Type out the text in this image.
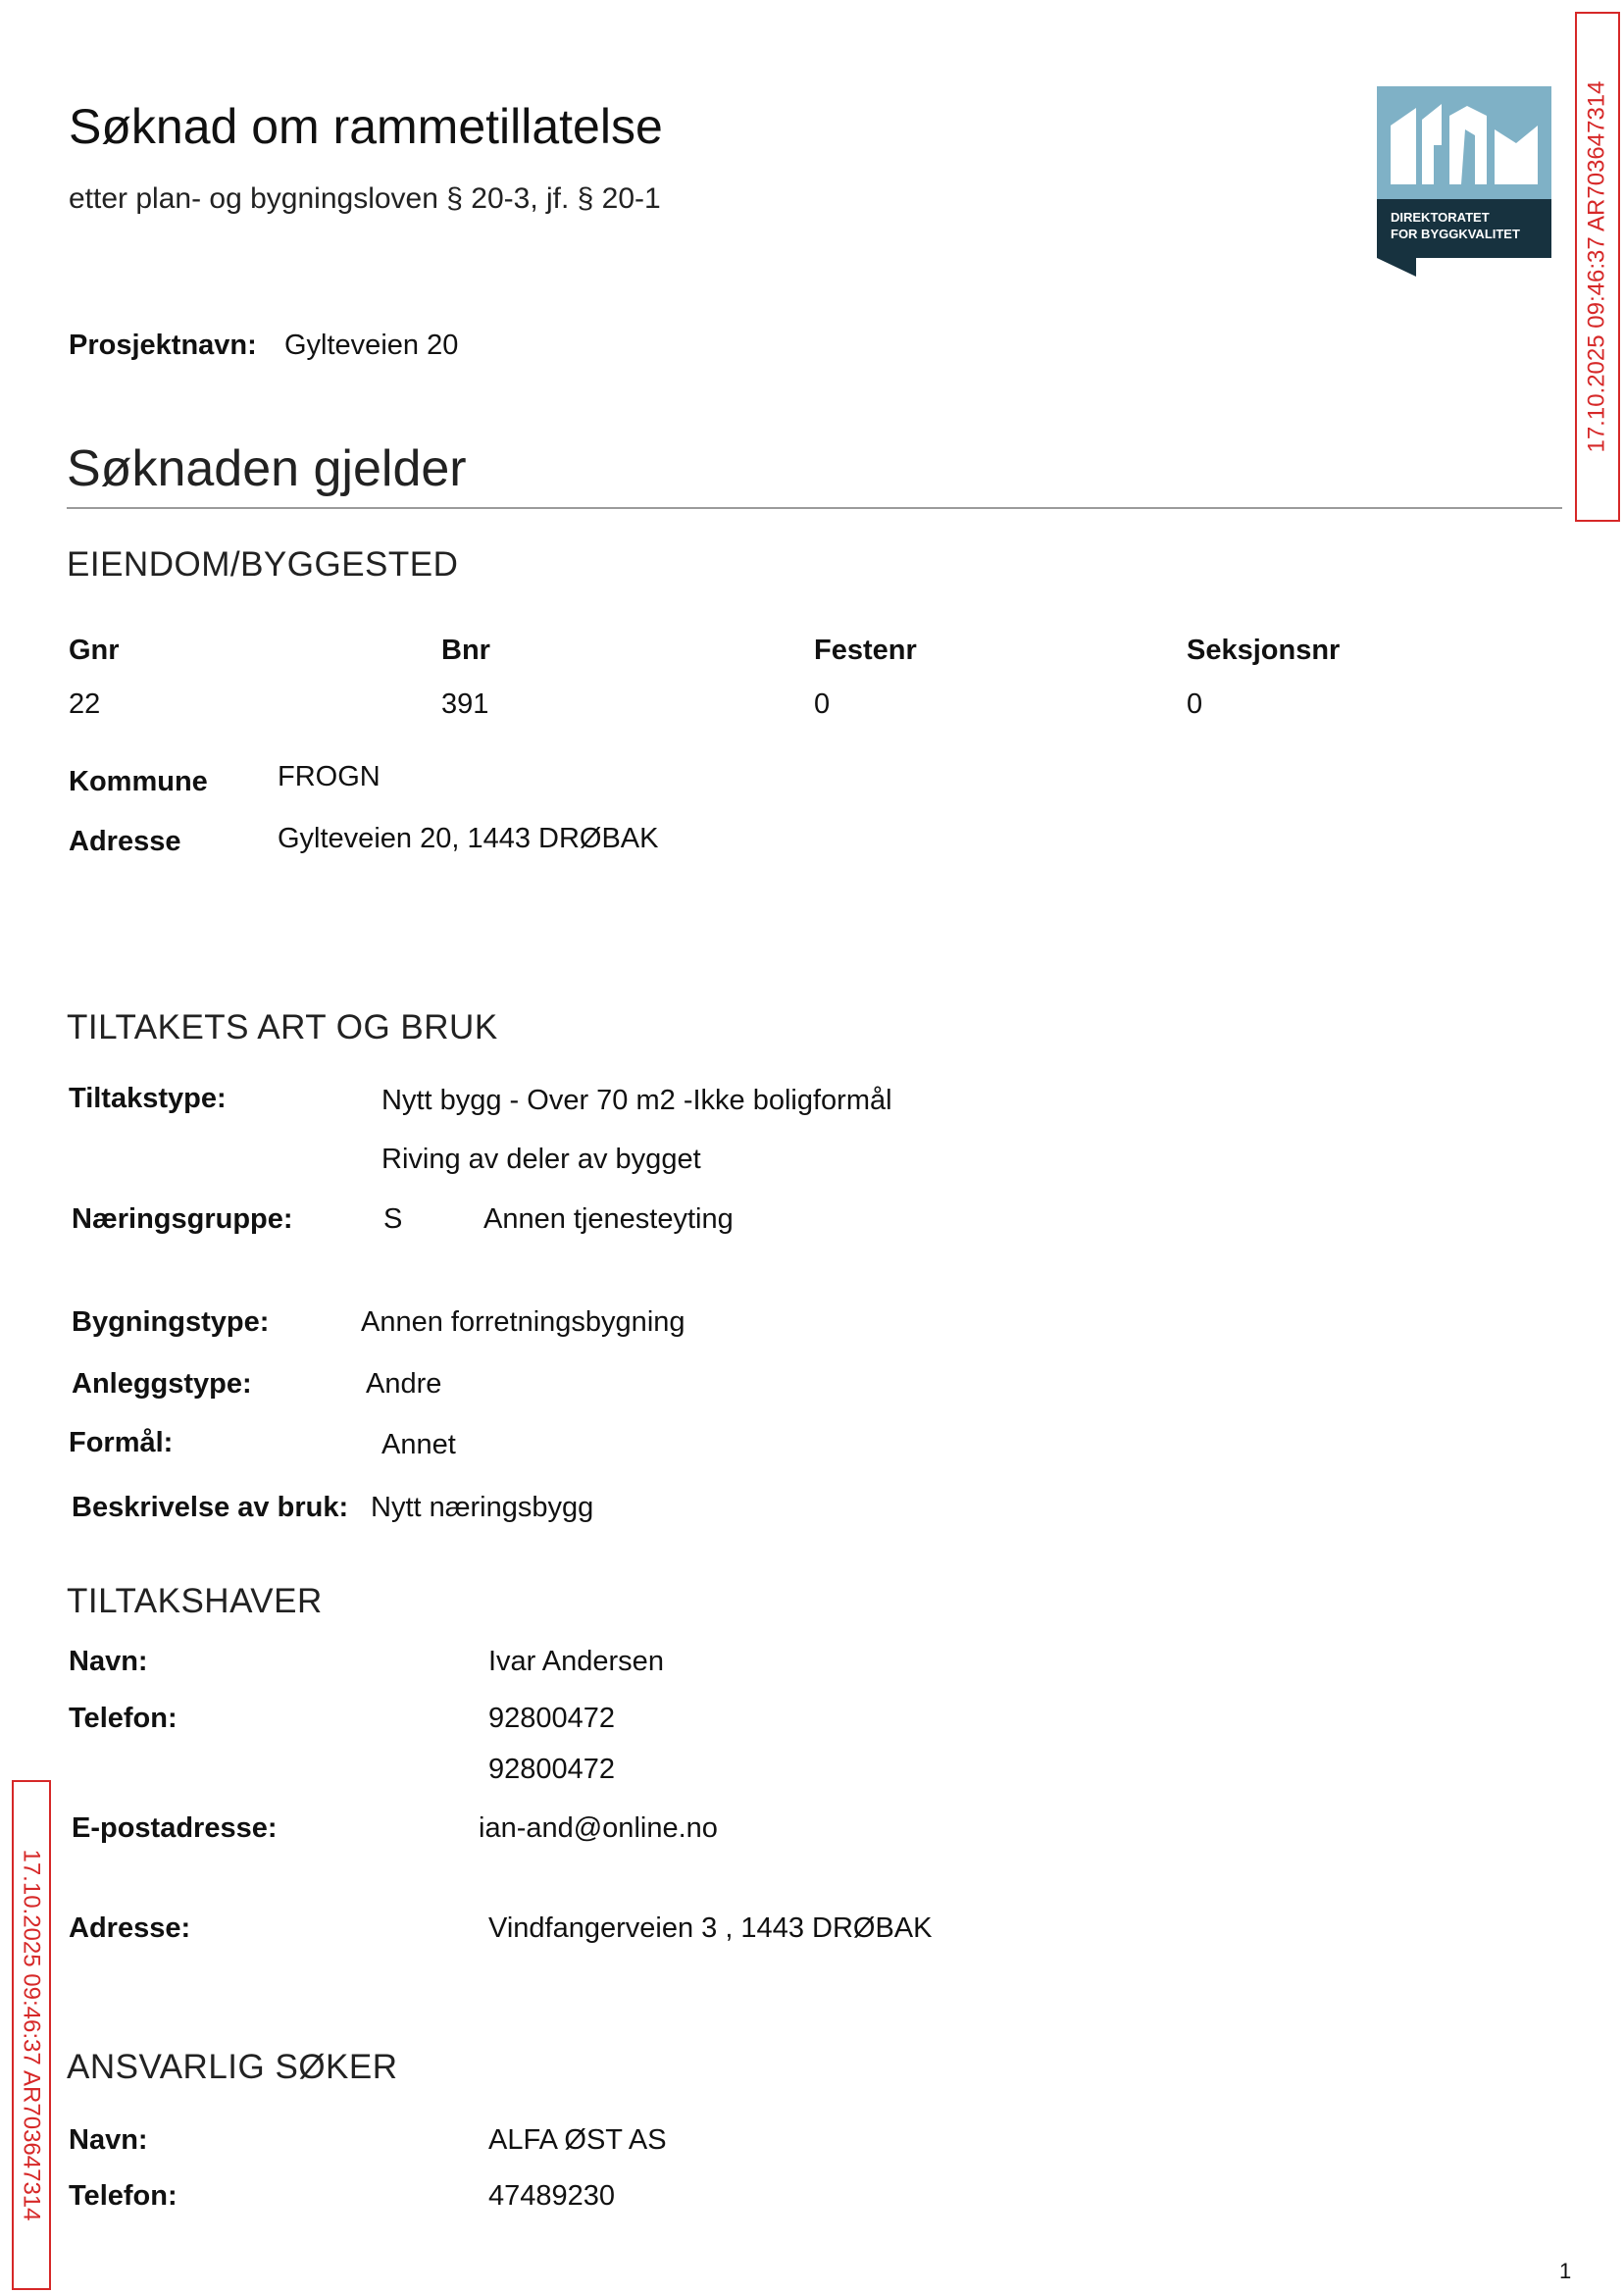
Søknad om rammetillatelse
etter plan- og bygningsloven § 20-3, jf. § 20-1
DIREKTORATET
FOR BYGGKVALITET	17.10.2025 09:46:37 AR703647314
17.10.2025 09:46:37 AR703647314
Prosjektnavn: Gylteveien 20
Søknaden gjelder
EIENDOM/BYGGESTED
Gnr	Bnr	Festenr	Seksjonsnr
22	391	0	0
Kommune FROGN
Adresse	Gylteveien 20, 1443 DRØBAK
TILTAKETS ART OG BRUK
Tiltakstype:	Nytt bygg - Over 70 m2 -Ikke boligformål
Riving av deler av bygget
Næringsgruppe:	S	Annen tjenesteyting
Bygningstype:	Annen forretningsbygning
Anleggstype:	Andre
Formål:	Annet
Beskrivelse av bruk: Nytt næringsbygg
TILTAKSHAVER
Navn:	Ivar Andersen
Telefon:	92800472
92800472
E-postadresse:	ian-and@online.no
Adresse:	Vindfangerveien 3 , 1443 DRØBAK
ANSVARLIG SØKER
Navn:	ALFA ØST AS
Telefon:	47489230
1
